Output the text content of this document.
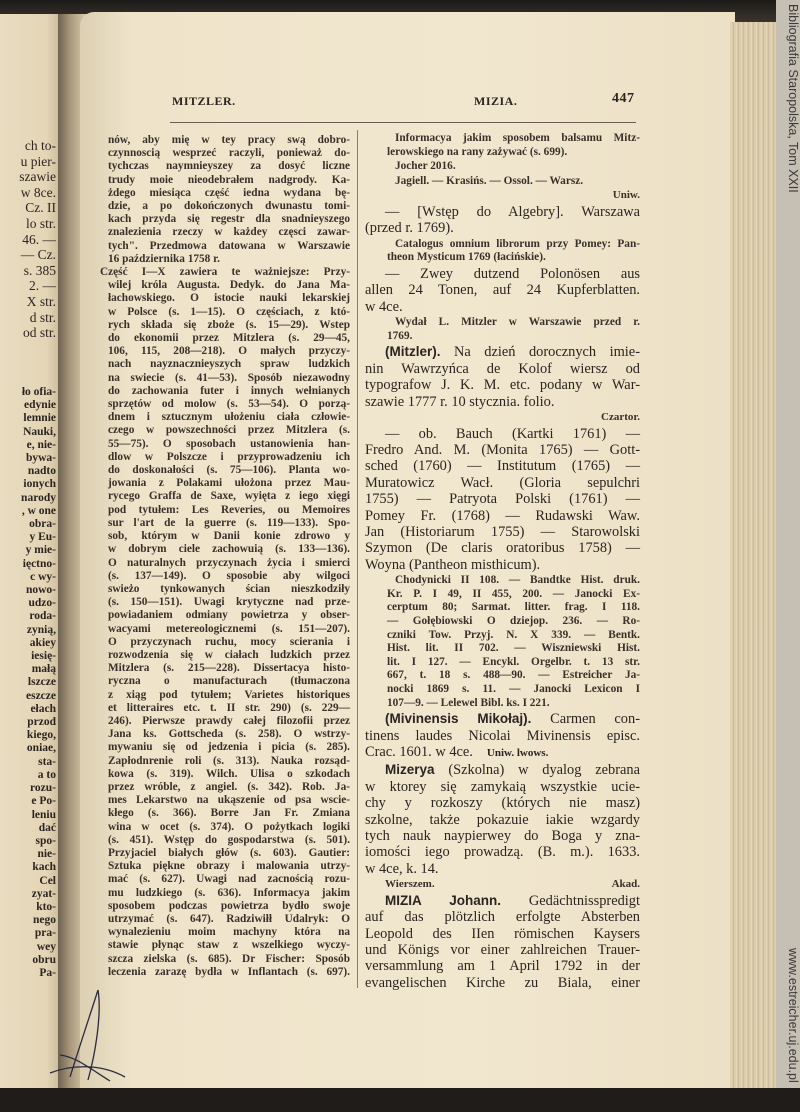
ch to-
u pier-
szawie
w 8ce.
Cz. II
lo str.
46. —
— Cz.
s. 385
2. —
X str.
d str.
od str.
ło ofia-
edynie
lemnie
Nauki,
e, nie-
bywa-
nadto
ionych
narody
, w one
obra-
y Eu-
y mie-
ięctno-
c wy-
nowo-
udzo-
roda-
zynią,
akiey
iesię-
małą
lszcze
eszcze
ełach
przod
kiego,
oniae,
sta-
a to
rozu-
e Po-
leniu
dać
spo-
nie-
kach
Cel
zyat-
kto-
nego
pra-
wey
obru
Pa-
Bibliografia Staropolska, Tom XXII
www.estreicher.uj.edu.pl
MITZLER.	MIZIA.	447
nów, aby mię w tey pracy swą dobro-
czynnoscią wesprzeć raczyli, ponieważ do-
tychczas naymnieyszey za dosyć liczne
trudy moie nieodebrałem nadgrody. Ka-
żdego miesiąca część iedna wydana bę-
dzie, a po dokończonych dwunastu tomi-
kach przyda się regestr dla snadnieyszego
znalezienia rzeczy w każdey częsci zawar-
tych". Przedmowa datowana w Warszawie
16 października 1758 r.
Część I—X zawiera te ważniejsze: Przy-
wilej króla Augusta. Dedyk. do Jana Ma-
łachowskiego. O istocie nauki lekarskiej
w Polsce (s. 1—15). O częściach, z któ-
rych składa się zboże (s. 15—29). Wstep
do ekonomii przez Mitzlera (s. 29—45,
106, 115, 208—218). O małych przyczy-
nach nayznacznieyszych spraw ludzkich
na swiecie (s. 41—53). Sposób niezawodny
do zachowania futer i innych wełnianych
sprzętów od molow (s. 53—54). O porzą-
dnem i sztucznym ułożeniu ciała człowie-
czego w powszechności przez Mitzlera (s.
55—75). O sposobach ustanowienia han-
dlow w Polszcze i przyprowadzeniu ich
do doskonałości (s. 75—106). Planta wo-
jowania z Polakami ułożona przez Mau-
rycego Graffa de Saxe, wyięta z iego xięgi
pod tytułem: Les Reveries, ou Memoires
sur l'art de la guerre (s. 119—133). Spo-
sob, którym w Danii konie zdrowo y
w dobrym ciele zachowuią (s. 133—136).
O naturalnych przyczynach życia i smierci
(s. 137—149). O sposobie aby wilgoci
swieżo tynkowanych ścian nieszkodziły
(s. 150—151). Uwagi krytyczne nad prze-
powiadaniem odmiany powietrza y obser-
wacyami metereologicznemi (s. 151—207).
O przyczynach ruchu, mocy scierania i
rozwodzenia się w ciałach ludzkich przez
Mitzlera (s. 215—228). Dissertacya histo-
ryczna o manufacturach (tłumaczona
z xiąg pod tytułem; Varietes historiques
et litteraires etc. t. II str. 290) (s. 229—
246). Pierwsze prawdy całej filozofii przez
Jana ks. Gottscheda (s. 258). O wstrzy-
mywaniu się od jedzenia i picia (s. 285).
Zapłodnrenie roli (s. 313). Nauka rozsąd-
kowa (s. 319). Wilch. Ulisa o szkodach
przez wróble, z angiel. (s. 342). Rob. Ja-
mes Lekarstwo na ukąszenie od psa wscie-
kłego (s. 366). Borre Jan Fr. Zmiana
wina w ocet (s. 374). O pożytkach logiki
(s. 451). Wstęp do gospodarstwa (s. 501).
Przyjaciel białych głów (s. 603). Gautier:
Sztuka piękne obrazy i malowania utrzy-
mać (s. 627). Uwagi nad zacnością rozu-
mu ludzkiego (s. 636). Informacya jakim
sposobem podczas powietrza bydło swoje
utrzymać (s. 647). Radziwiłł Udalryk: O
wynalezieniu moim machyny która na
stawie płynąc staw z wszelkiego wyczy-
szcza zielska (s. 685). Dr Fischer: Sposób
leczenia zarazę bydła w Inflantach (s. 697).
Informacya jakim sposobem balsamu Mitz-
lerowskiego na rany zażywać (s. 699).
Jocher 2016.
Jagiell. — Krasińs. — Ossol. — Warsz.
Uniw.
— [Wstęp do Algebry]. Warszawa
(przed r. 1769).
Catalogus omnium librorum przy Pomey: Pan-
theon Mysticum 1769 (łacińskie).
— Zwey dutzend Polonösen aus
allen 24 Tonen, auf 24 Kupferblatten.
w 4ce.
Wydał L. Mitzler w Warszawie przed r.
1769.
(Mitzler). Na dzień dorocznych imie-
nin Wawrzyńca de Kolof wiersz od
typografow J. K. M. etc. podany w War-
szawie 1777 r. 10 stycznia. folio.
Czartor.
— ob. Bauch (Kartki 1761) —
Fredro And. M. (Monita 1765) — Gott-
sched (1760) — Institutum (1765) —
Muratowicz Wacł. (Gloria sepulchri
1755) — Patryota Polski (1761) —
Pomey Fr. (1768) — Rudawski Waw.
Jan (Historiarum 1755) — Starowolski
Szymon (De claris oratoribus 1758) —
Woyna (Pantheon misthicum).
Chodynicki II 108. — Bandtke Hist. druk.
Kr. P. I 49, II 455, 200. — Janocki Ex-
cerptum 80; Sarmat. litter. frag. I 118.
— Gołębiowski O dziejop. 236. — Ro-
czniki Tow. Przyj. N. X 339. — Bentk.
Hist. lit. II 702. — Wiszniewski Hist.
lit. I 127. — Encykl. Orgelbr. t. 13 str.
667, t. 18 s. 488—90. — Estreicher Ja-
nocki 1869 s. 11. — Janocki Lexicon I
107—9. — Lelewel Bibl. ks. I 221.
(Mivinensis Mikołaj). Carmen con-
tinens laudes Nicolai Mivinensis episc.
Crac. 1601. w 4ce. Uniw. lwows.
Mizerya (Szkolna) w dyalog zebrana
w ktorey się zamykaią wszystkie ucie-
chy y rozkoszy (których nie masz)
szkolne, także pokazuie iakie wzgardy
tych nauk naypierwey do Boga y zna-
iomości iego prowadzą. (B. m.). 1633.
w 4ce, k. 14.
Wierszem.	Akad.
MIZIA Johann. Gedächtnisspredigt
auf das plötzlich erfolgte Absterben
Leopold des IIen römischen Kaysers
und Königs vor einer zahlreichen Trauer-
versammlung am 1 April 1792 in der
evangelischen Kirche zu Biala, einer
